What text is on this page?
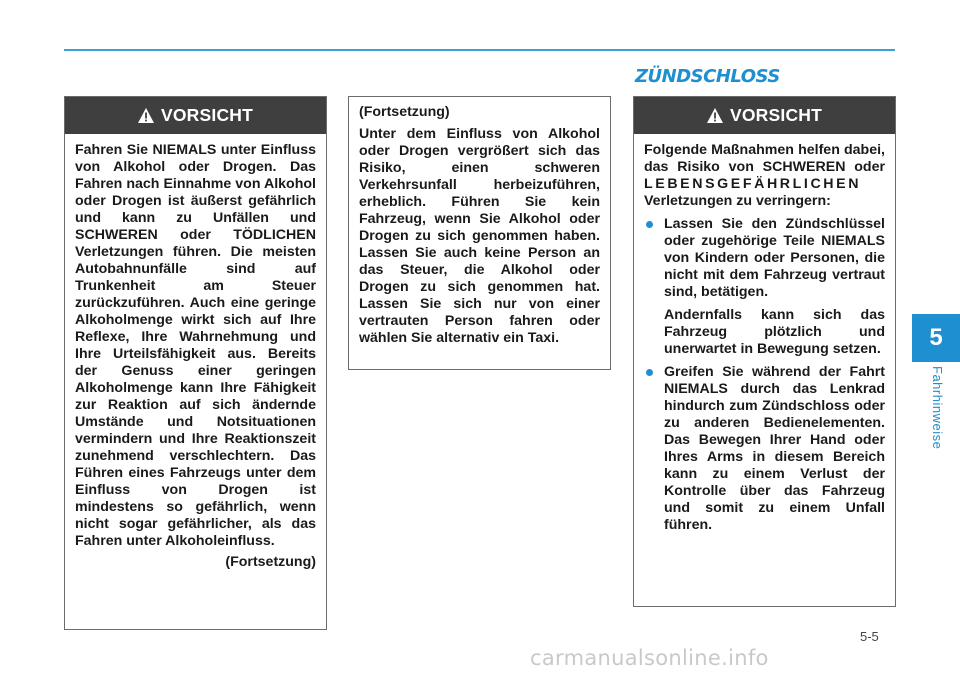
ZÜNDSCHLOSS
VORSICHT

Fahren Sie NIEMALS unter Einfluss von Alkohol oder Drogen. Das Fahren nach Einnahme von Alkohol oder Drogen ist äußerst gefährlich und kann zu Unfällen und SCHWEREN oder TÖDLICHEN Verletzungen führen. Die meisten Autobahnunfälle sind auf Trunkenheit am Steuer zurückzuführen. Auch eine geringe Alkoholmenge wirkt sich auf Ihre Reflexe, Ihre Wahrnehmung und Ihre Urteilsfähigkeit aus. Bereits der Genuss einer geringen Alkoholmenge kann Ihre Fähigkeit zur Reaktion auf sich ändernde Umstände und Notsituationen vermindern und Ihre Reaktionszeit zunehmend verschlechtern. Das Führen eines Fahrzeugs unter dem Einfluss von Drogen ist mindestens so gefährlich, wenn nicht sogar gefährlicher, als das Fahren unter Alkoholeinfluss.

(Fortsetzung)

(Fortsetzung)

Unter dem Einfluss von Alkohol oder Drogen vergrößert sich das Risiko, einen schweren Verkehrsunfall herbeizuführen, erheblich. Führen Sie kein Fahrzeug, wenn Sie Alkohol oder Drogen zu sich genommen haben. Lassen Sie auch keine Person an das Steuer, die Alkohol oder Drogen zu sich genommen hat. Lassen Sie sich nur von einer vertrauten Person fahren oder wählen Sie alternativ ein Taxi.

VORSICHT

Folgende Maßnahmen helfen dabei, das Risiko von SCHWEREN oder LEBENSGEFÄHRLICHEN Verletzungen zu verringern:

Lassen Sie den Zündschlüssel oder zugehörige Teile NIEMALS von Kindern oder Personen, die nicht mit dem Fahrzeug vertraut sind, betätigen.

Andernfalls kann sich das Fahrzeug plötzlich und unerwartet in Bewegung setzen.

Greifen Sie während der Fahrt NIEMALS durch das Lenkrad hindurch zum Zündschloss oder zu anderen Bedienelementen. Das Bewegen Ihrer Hand oder Ihres Arms in diesem Bereich kann zu einem Verlust der Kontrolle über das Fahrzeug und somit zu einem Unfall führen.
5
Fahrhinweise
5-5
carmanualsonline.info
